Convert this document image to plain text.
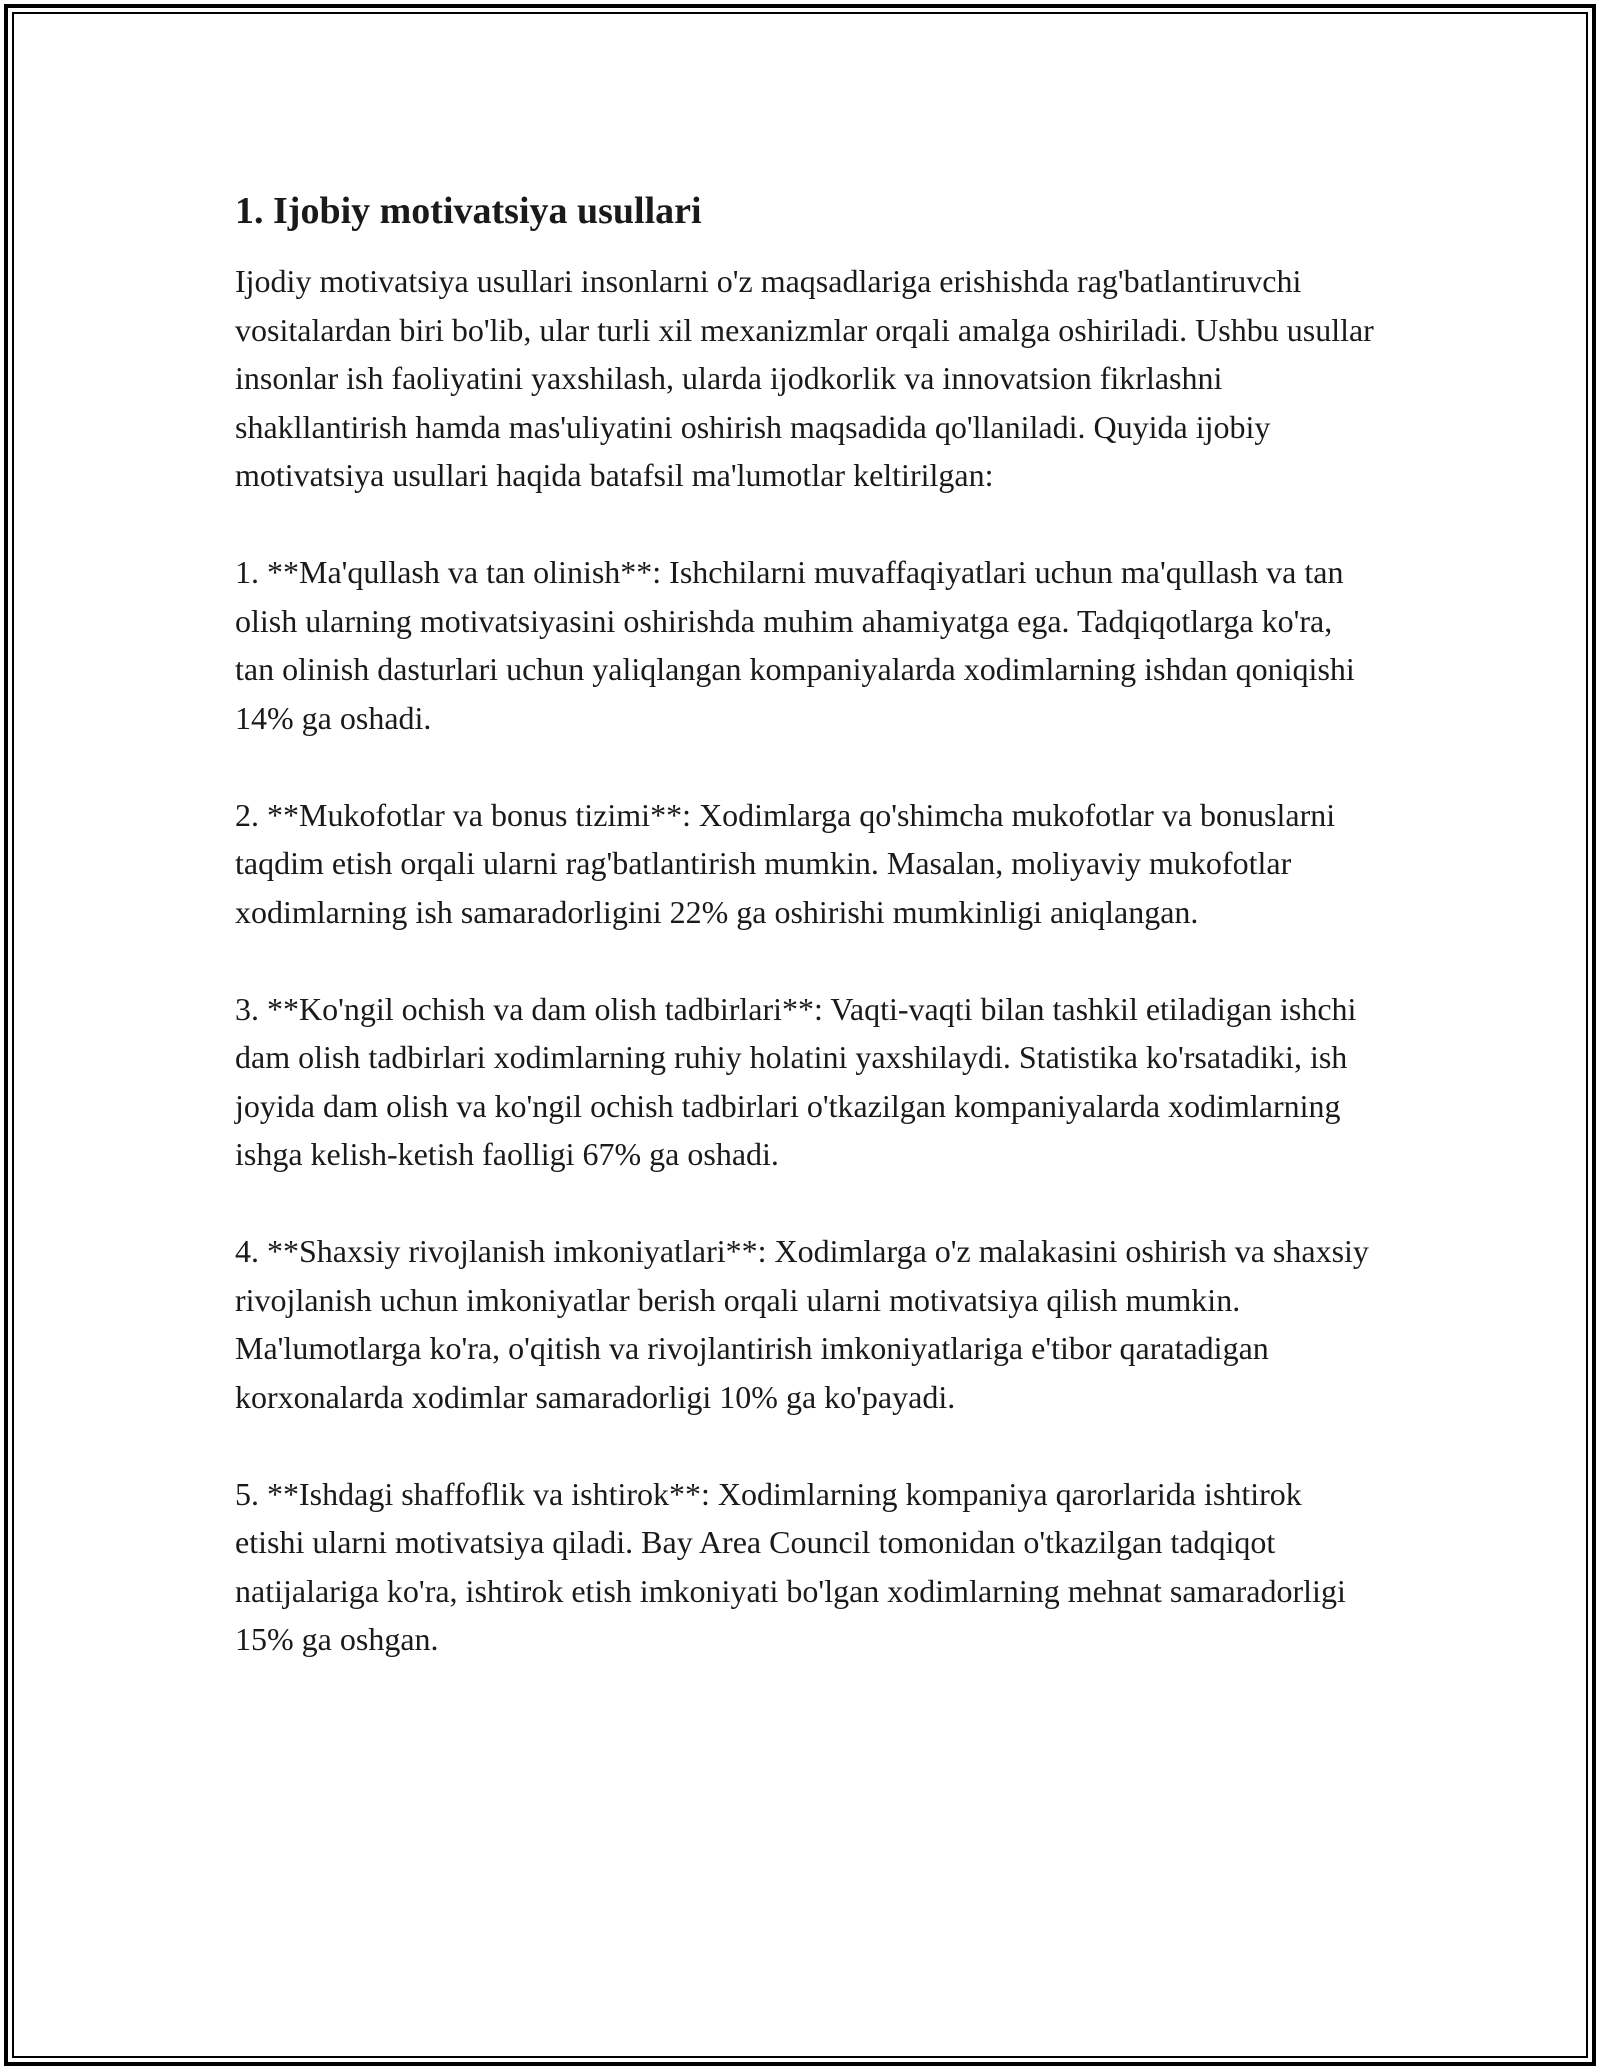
1. Ijobiy motivatsiya usullari

Ijodiy motivatsiya usullari insonlarni o'z maqsadlariga erishishda rag'batlantiruvchi vositalardan biri bo'lib, ular turli xil mexanizmlar orqali amalga oshiriladi. Ushbu usullar insonlar ish faoliyatini yaxshilash, ularda ijodkorlik va innovatsion fikrlashni shakllantirish hamda mas'uliyatini oshirish maqsadida qo'llaniladi. Quyida ijobiy motivatsiya usullari haqida batafsil ma'lumotlar keltirilgan:

1. **Ma'qullash va tan olinish**: Ishchilarni muvaffaqiyatlari uchun ma'qullash va tan olish ularning motivatsiyasini oshirishda muhim ahamiyatga ega. Tadqiqotlarga ko'ra, tan olinish dasturlari uchun yaliqlangan kompaniyalarda xodimlarning ishdan qoniqishi 14% ga oshadi.

2. **Mukofotlar va bonus tizimi**: Xodimlarga qo'shimcha mukofotlar va bonuslarni taqdim etish orqali ularni rag'batlantirish mumkin. Masalan, moliyaviy mukofotlar xodimlarning ish samaradorligini 22% ga oshirishi mumkinligi aniqlangan.

3. **Ko'ngil ochish va dam olish tadbirlari**: Vaqti-vaqti bilan tashkil etiladigan ishchi dam olish tadbirlari xodimlarning ruhiy holatini yaxshilaydi. Statistika ko'rsatadiki, ish joyida dam olish va ko'ngil ochish tadbirlari o'tkazilgan kompaniyalarda xodimlarning ishga kelish-ketish faolligi 67% ga oshadi.

4. **Shaxsiy rivojlanish imkoniyatlari**: Xodimlarga o'z malakasini oshirish va shaxsiy rivojlanish uchun imkoniyatlar berish orqali ularni motivatsiya qilish mumkin. Ma'lumotlarga ko'ra, o'qitish va rivojlantirish imkoniyatlariga e'tibor qaratadigan korxonalarda xodimlar samaradorligi 10% ga ko'payadi.

5. **Ishdagi shaffoflik va ishtirok**: Xodimlarning kompaniya qarorlarida ishtirok etishi ularni motivatsiya qiladi. Bay Area Council tomonidan o'tkazilgan tadqiqot natijalariga ko'ra, ishtirok etish imkoniyati bo'lgan xodimlarning mehnat samaradorligi 15% ga oshgan.
